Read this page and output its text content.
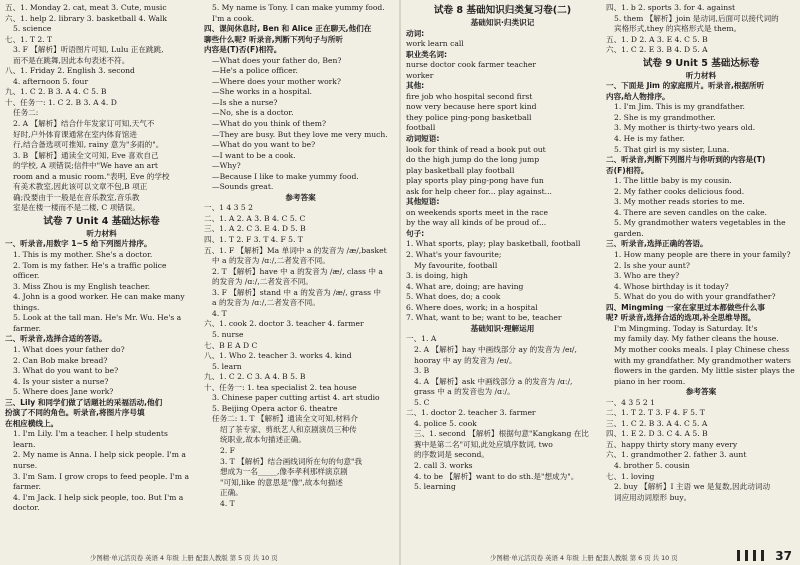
五、1. Monday 2. cat, meat 3. Cute, music
六、1. help 2. library 3. basketball 4. Walk
5. science
七、1. T 2. T
3. F 【解析】听语图片可知, Lulu 正在跳跳,
而不是在跳舞,因此本句表述不符。
八、1. Friday 2. English 3. second
4. afternoon 5. four
九、1. C 2. B 3. A 4. C 5. B
十、任务一: 1. C 2. B 3. A 4. D
任务二:
2. A 【解析】结合什年发家订可知,天气不
好时,户外体育课通常在室内体育馆进
行,结合备选项可推知, rainy 意为"多雨的"。
3. B 【解析】通读全文可知, Eve 喜欢自己
的学校, A 项错误;信件中"We have an art
room and a music room."表明, Eve 的学校
有美术教室,因此该可以文章不包,B 项正
确;没要由于一般是在音乐教室,音乐教
室是在楼一楼而不是二楼, C 项错误。
试卷 7 Unit 4 基础达标卷
听力材料
一、听录音,用数字 1~5 给下列图片排序。
1. This is my mother. She's a doctor.
2. Tom is my father. He's a traffic police
officer.
3. Miss Zhou is my English teacher.
4. John is a good worker. He can make many
things.
5. Look at the tall man. He's Mr. Wu. He's a
farmer.
二、听录音,选择合适的答语。
1. What does your father do?
2. Can Bob make bread?
3. What do you want to be?
4. Is your sister a nurse?
5. Where does Jane work?
三、Lily 和同学们做了话题社的采福活动,他们
扮演了不同的角色。听录音,将图片序号填
在相应横线上。
1. I'm Lily. I'm a teacher. I help students
learn.
2. My name is Anna. I help sick people. I'm a
nurse.
3. I'm Sam. I grow crops to feed people. I'm a
farmer.
4. I'm Jack. I help sick people, too. But I'm a
doctor.
5. My name is Tony. I can make yummy food.
I'm a cook.
四、课间休息时, Ben 和 Alice 正在聊天,他们在
聊些什么呢? 听录音,判断下列句子与所听
内容是(T)否(F)相符。
—What does your father do, Ben?
—He's a police officer.
—Where does your mother work?
—She works in a hospital.
—Is she a nurse?
—No, she is a doctor.
—What do you think of them?
—They are busy. But they love me very much.
—What do you want to be?
—I want to be a cook.
—Why?
—Because I like to make yummy food.
—Sounds great.
参考答案
一、1 4 3 5 2
二、1. A 2. A 3. B 4. C 5. C
三、1. A 2. C 3. E 4. D 5. B
四、1. T 2. F 3. T 4. F 5. T
五、1. F 【解析】Ma 单词中 a 的发音为 /æ/,basket
中 a 的发音为 /ɑː/,二者发音不同。
2. T 【解析】have 中 a 的发音为 /æ/, class 中 a
的发音为 /ɑː/,二者发音不同。
3. F 【解析】stand 中 a 的发音为 /æ/, grass 中
a 的发音为 /ɑː/,二者发音不同。
4. T
六、1. cook 2. doctor 3. teacher 4. farmer
5. nurse
七、B E A D C
八、1. Who 2. teacher 3. works 4. kind
5. learn
九、1. C 2. C 3. A 4. B 5. B
十、任务一: 1. tea specialist 2. tea house
3. Chinese paper cutting artist 4. art studio
5. Beijing Opera actor 6. theatre
任务二: 1. T 【解析】通读全文可知,材料介
绍了茶专家、剪纸艺人和京剧演员三种传
统职业,故本句描述正确。
2. F
3. T 【解析】结合画线词所在句的句意"我
想成为一名_____,像李孝利那样演京剧
"可知,like 的意思是"像",故本句描述
正确。
4. T
试卷 8 基础知识归类复习卷(二)
基础知识·归类识记
动词:
work learn call
职业类名词:
nurse doctor cook farmer teacher
worker
其他:
fire job who hospital second first
now very because here sport kind
they police ping-pong basketball
football
动词短语:
look for think of read a book put out
do the high jump do the long jump
play basketball play football
play sports play ping-pong have fun
ask for help cheer for... play against...
其他短语:
on weekends sports meet in the race
by the way all kinds of be proud of...
句子:
1. What sports, play; play basketball, football
2. What's your favourite;
My favourite, football
3. is doing, high
4. What are, doing; are having
5. What does, do; a cook
6. Where does, work; in a hospital
7. What, want to be; want to be, teacher
基础知识·理解运用
一、1. A
2. A 【解析】hay 中画线部分 ay 的发音为 /eɪ/,
hooray 中 ay 的发音为 /eɪ/。
3. B
4. A 【解析】ask 中画线部分 a 的发音为 /ɑː/,
grass 中 a 的发音也为 /ɑː/。
5. C
二、1. doctor 2. teacher 3. farmer
4. police 5. cook
三、1. second 【解析】根据句意"Kangkang 在比
赛中是第二名"可知,此处应填序数词, two
的序数词是 second。
2. call 3. works
4. to be 【解析】want to do sth.是"想成为"。
5. learning
四、1. b 2. sports 3. for 4. against
5. them 【解析】join 是动词,后面可以接代词的
宾格形式,they 的宾格形式是 them。
五、1. D 2. A 3. E 4. C 5. B
六、1. C 2. E 3. B 4. D 5. A
试卷 9 Unit 5 基础达标卷
听力材料
一、下面是 Jim 的家庭照片。听录音,根据所听
内容,给人物排序。
1. I'm Jim. This is my grandfather.
2. She is my grandmother.
3. My mother is thirty-two years old.
4. He is my father.
5. That girl is my sister, Luna.
二、听录音,判断下列图片与你听到的内容是(T)
否(F)相符。
1. The little baby is my cousin.
2. My father cooks delicious food.
3. My mother reads stories to me.
4. There are seven candles on the cake.
5. My grandmother waters vegetables in the
garden.
三、听录音,选择正确的答语。
1. How many people are there in your family?
2. Is she your aunt?
3. Who are they?
4. Whose birthday is it today?
5. What do you do with your grandfather?
四、Mingming 一家在家里过本都做些什么事
呢? 听录音,选择合适的选项,补全思维导图。
I'm Mingming. Today is Saturday. It's
my family day. My father cleans the house.
My mother cooks meals. I play Chinese chess
with my grandfather. My grandmother waters
flowers in the garden. My little sister plays the
piano in her room.
参考答案
一、4 3 5 2 1
二、1. T 2. T 3. F 4. F 5. T
三、1. C 2. B 3. A 4. C 5. A
四、1. E 2. D 3. C 4. A 5. B
五、happy thirty story many every
六、1. grandmother 2. father 3. aunt
4. brother 5. cousin
七、1. loving
2. buy 【解析】I 主语 we 是复数,因此动词动
词应用动词原形 buy。
少图精·单元活页卷 英语 4 年级 上册 配套人教版 第 5 页 共 10 页	少图精·单元活页卷 英语 4 年级 上册 配套人教版 第 6 页 共 10 页	37
